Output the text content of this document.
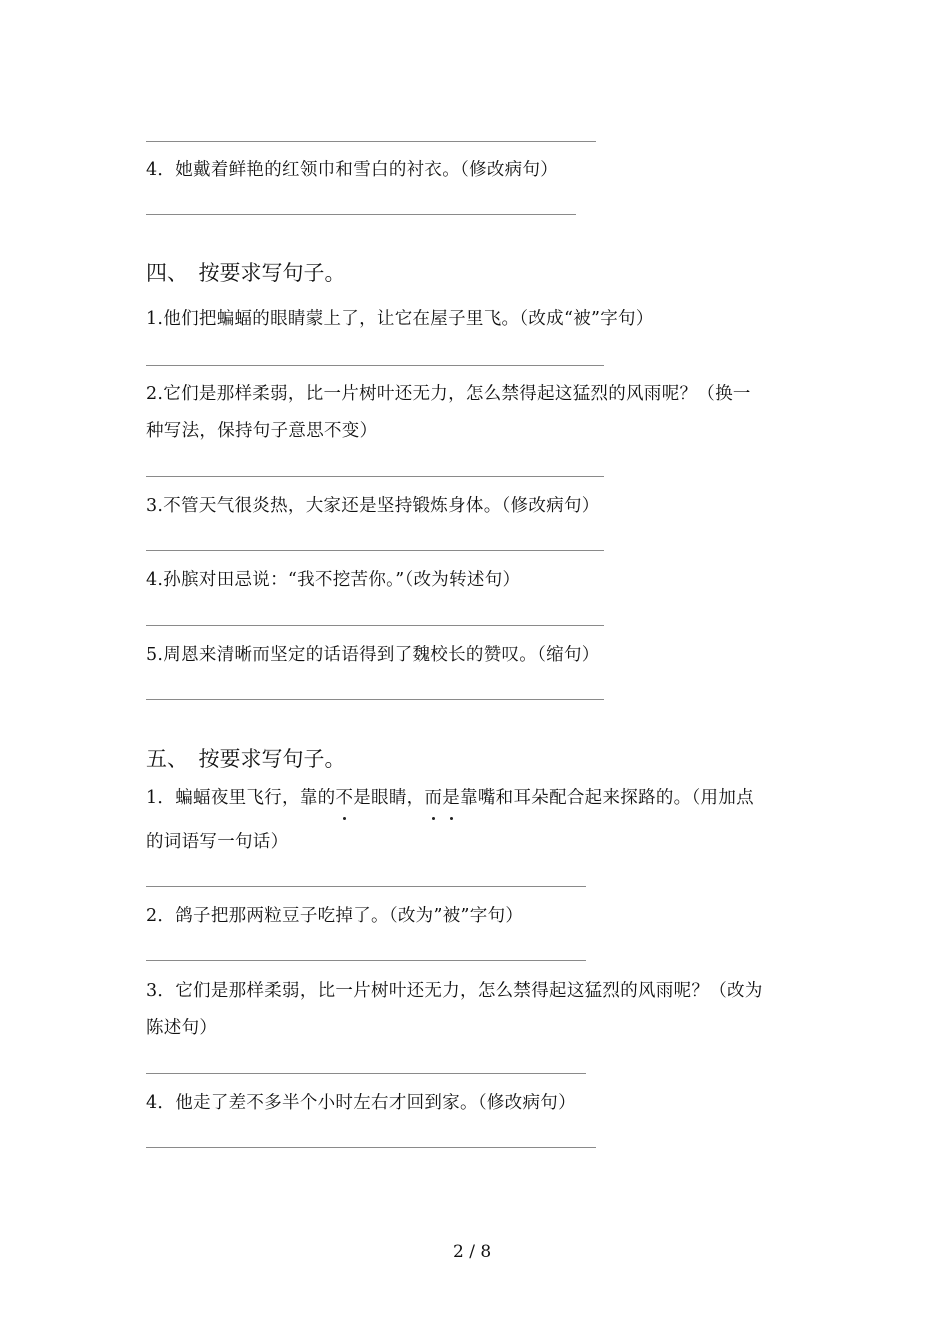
4．她戴着鲜艳的红领巾和雪白的衬衣。（修改病句）
四、　按要求写句子。
1.他们把蝙蝠的眼睛蒙上了，让它在屋子里飞。（改成“被”字句）
2.它们是那样柔弱，比一片树叶还无力，怎么禁得起这猛烈的风雨呢？（换一
种写法，保持句子意思不变）
3.不管天气很炎热，大家还是坚持锻炼身体。（修改病句）
4.孙膑对田忌说：“我不挖苦你。”（改为转述句）
5.周恩来清晰而坚定的话语得到了魏校长的赞叹。（缩句）
五、　按要求写句子。
1．蝙蝠夜里飞行，靠的不是眼睛，而是靠嘴和耳朵配合起来探路的。（用加点
的词语写一句话）
2．鸽子把那两粒豆子吃掉了。（改为”被”字句）
3．它们是那样柔弱，比一片树叶还无力，怎么禁得起这猛烈的风雨呢？（改为
陈述句）
4．他走了差不多半个小时左右才回到家。（修改病句）
2 / 8
